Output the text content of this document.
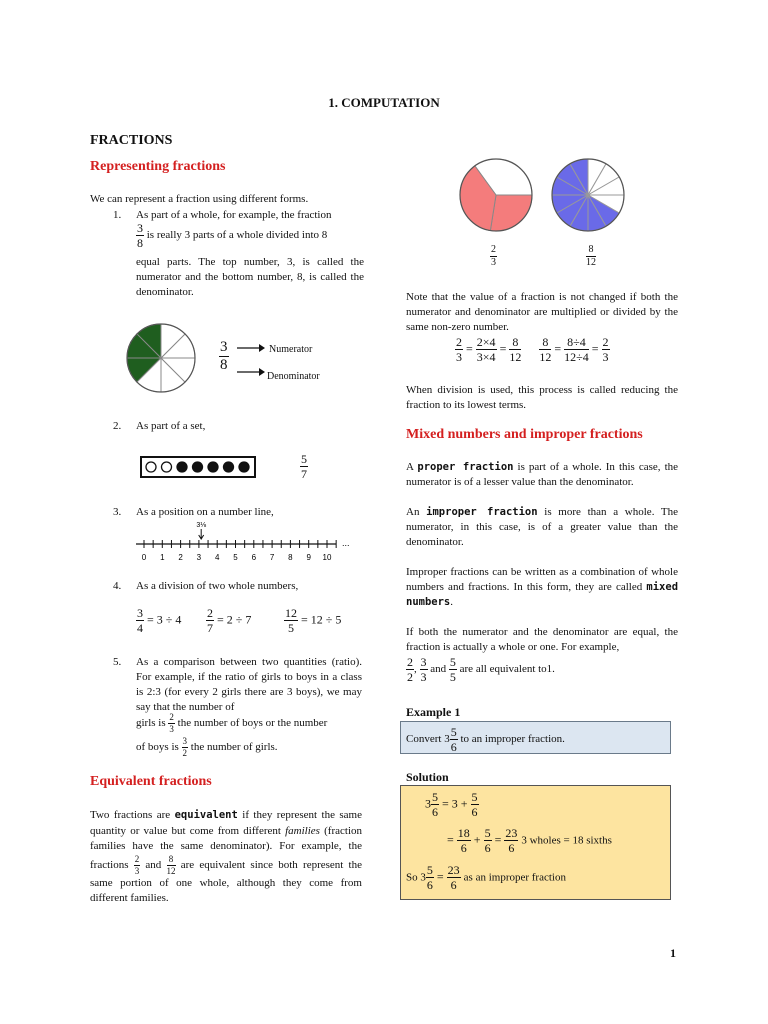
1. COMPUTATION
FRACTIONS
Representing fractions
We can represent a fraction using different forms.
1. As part of a whole, for example, the fraction
$\frac{3}{8}$ is really 3 parts of a whole divided into 8
equal parts. The top number, 3, is called the numerator and the bottom number, 8, is called the denominator.
$\frac{3}{8}$	Numerator
Denominator
2. As part of a set,
$\frac{5}{7}$
3. As a position on a number line,
0 1 2 3 4 5 6 7 8 9 10
3⅛
...
4. As a division of two whole numbers,
$\frac{3}{4} = 3 \div 4 \frac{2}{7} = 2 \div 7$	$\frac{12}{5} = 12 \div 5$
5. As a comparison between two quantities (ratio). For example, if the ratio of girls to boys in a class is 2:3 (for every 2 girls there are 3 boys), we may say that the number of
girls is $\frac{2}{3}$ the number of boys or the number
of boys is $\frac{3}{2}$ the number of girls.
Equivalent fractions
Two fractions are equivalent if they represent the same quantity or value but come from different families (fraction families have the same denominator). For example, the fractions $\frac{2}{3}$ and $\frac{8}{12}$ are equivalent since both represent the same portion of one whole, although they come from different families.
$\frac{2}{3}$	$\frac{8}{12}$
Note that the value of a fraction is not changed if both the numerator and denominator are multiplied or divided by the same non-zero number.
$\frac{2}{3} = \frac{2\times 4}{3\times 4} = \frac{8}{12}$
$\frac{8}{12} = \frac{8\div 4}{12\div 4} = \frac{2}{3}$
When division is used, this process is called reducing the fraction to its lowest terms.
Mixed numbers and improper fractions
A proper fraction is part of a whole. In this case, the numerator is of a lesser value than the denominator.
An improper fraction is more than a whole. The numerator, in this case, is of a greater value than the denominator.
Improper fractions can be written as a combination of whole numbers and fractions. In this form, they are called mixed numbers.
If both the numerator and the denominator are equal, the fraction is actually a whole or one. For example,
$\frac{2}{2}$ , $\frac{3}{3}$ and $\frac{5}{5}$ are all equivalent to1.
Example 1
Convert $3 \frac{5}{6}$ to an improper fraction.
Solution
$3 \frac{5}{6} = 3 + \frac{5}{6}$
= $\frac{18}{6} + \frac{5}{6} = \frac{23}{6} 3$ wholes = 18 sixths
So $3 \frac{5}{6} = \frac{23}{6}$ as an improper fraction
1
